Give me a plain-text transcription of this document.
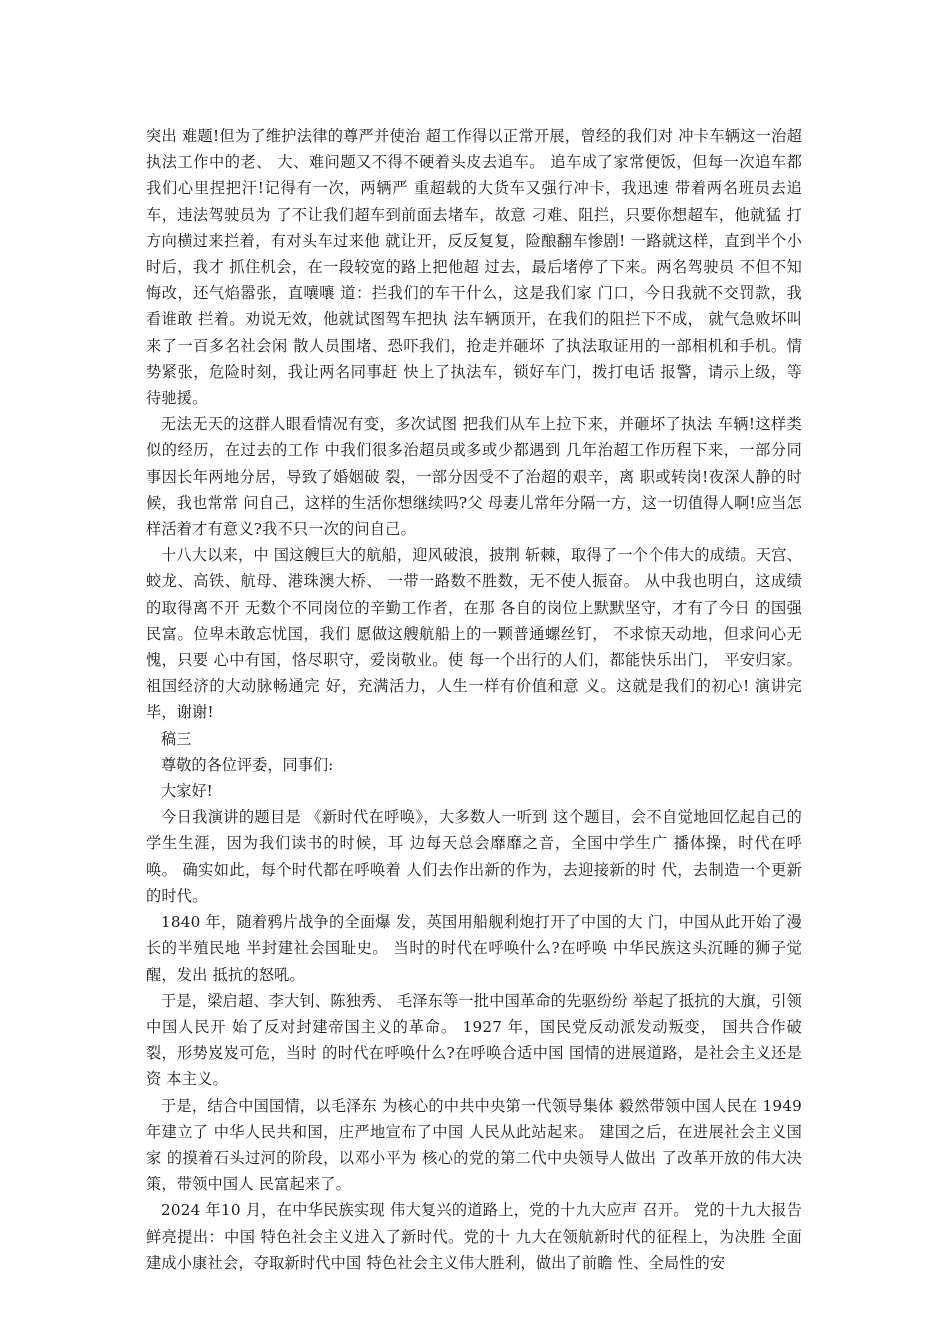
突出 难题!但为了维护法律的尊严并使治 超工作得以正常开展，曾经的我们对 冲卡车辆这一治超执法工作中的老、 大、难问题又不得不硬着头皮去追车。 追车成了家常便饭，但每一次追车都 我们心里捏把汗!记得有一次，两辆严 重超载的大货车又强行冲卡，我迅速 带着两名班员去追车，违法驾驶员为 了不让我们超车到前面去堵车，故意 刁难、阻拦，只要你想超车，他就猛 打方向横过来拦着，有对头车过来他 就让开，反反复复，险酿翻车惨剧! 一路就这样，直到半个小时后，我才 抓住机会，在一段较宽的路上把他超 过去，最后堵停了下来。两名驾驶员 不但不知悔改，还气焰嚣张，直嚷嚷 道：拦我们的车干什么，这是我们家 门口，今日我就不交罚款，我看谁敢 拦着。劝说无效，他就试图驾车把执 法车辆顶开，在我们的阻拦下不成， 就气急败坏叫来了一百多名社会闲 散人员围堵、恐吓我们，抢走并砸坏 了执法取证用的一部相机和手机。情 势紧张，危险时刻，我让两名同事赶 快上了执法车，锁好车门，拨打电话 报警，请示上级，等待驰援。

无法无天的这群人眼看情况有变，多次试图 把我们从车上拉下来，并砸坏了执法 车辆!这样类似的经历，在过去的工作 中我们很多治超员或多或少都遇到 几年治超工作历程下来，一部分同事因长年两地分居，导致了婚姻破 裂，一部分因受不了治超的艰辛，离 职或转岗!夜深人静的时候，我也常常 问自己，这样的生活你想继续吗?父 母妻儿常年分隔一方，这一切值得人啊!应当怎样活着才有意义?我不只一次的问自己。

十八大以来，中 国这艘巨大的航船，迎风破浪，披荆 斩棘，取得了一个个伟大的成绩。天宫、蛟龙、高铁、航母、港珠澳大桥、 一带一路数不胜数，无不使人振奋。 从中我也明白，这成绩的取得离不开 无数个不同岗位的辛勤工作者，在那 各自的岗位上默默坚守，才有了今日 的国强民富。位卑未敢忘忧国，我们 愿做这艘航船上的一颗普通螺丝钉， 不求惊天动地，但求问心无愧，只要 心中有国，恪尽职守，爱岗敬业。使 每一个出行的人们，都能快乐出门， 平安归家。祖国经济的大动脉畅通完 好，充满活力，人生一样有价值和意 义。这就是我们的初心! 演讲完毕，谢谢!

稿三

尊敬的各位评委，同事们:

大家好!

今日我演讲的题目是 《新时代在呼唤》，大多数人一听到 这个题目，会不自觉地回忆起自己的 学生生涯，因为我们读书的时候，耳 边每天总会靡靡之音，全国中学生广 播体操，时代在呼唤。 确实如此，每个时代都在呼唤着 人们去作出新的作为，去迎接新的时 代，去制造一个更新的时代。

1840 年，随着鸦片战争的全面爆 发，英国用船舰利炮打开了中国的大 门，中国从此开始了漫长的半殖民地 半封建社会国耻史。 当时的时代在呼唤什么?在呼唤 中华民族这头沉睡的狮子觉醒，发出 抵抗的怒吼。

于是，梁启超、李大钊、陈独秀、 毛泽东等一批中国革命的先驱纷纷 举起了抵抗的大旗，引领中国人民开 始了反对封建帝国主义的革命。 1927 年，国民党反动派发动叛变， 国共合作破裂，形势岌岌可危，当时 的时代在呼唤什么?在呼唤合适中国 国情的进展道路，是社会主义还是资 本主义。

于是，结合中国国情，以毛泽东 为核心的中共中央第一代领导集体 毅然带领中国人民在 1949 年建立了 中华人民共和国，庄严地宣布了中国 人民从此站起来。 建国之后，在进展社会主义国家 的摸着石头过河的阶段，以邓小平为 核心的党的第二代中央领导人做出 了改革开放的伟大决策，带领中国人 民富起来了。

2024 年10 月，在中华民族实现 伟大复兴的道路上，党的十九大应声 召开。 党的十九大报告鲜亮提出：中国 特色社会主义进入了新时代。党的十 九大在领航新时代的征程上，为决胜 全面建成小康社会，夺取新时代中国 特色社会主义伟大胜利，做出了前瞻 性、全局性的安
